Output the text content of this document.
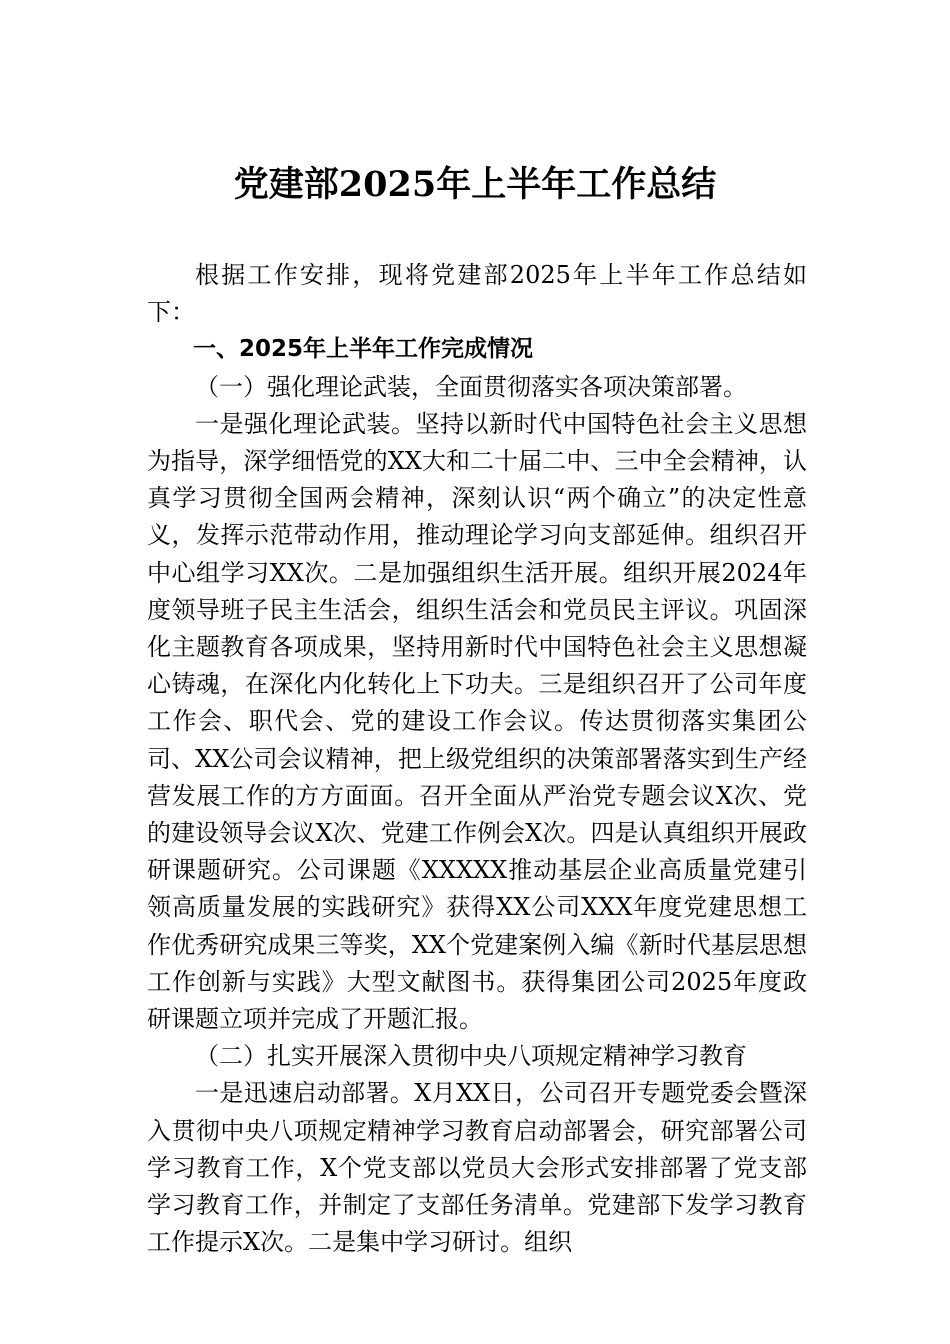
党建部2025年上半年工作总结

根据工作安排，现将党建部2025年上半年工作总结如下：

一、2025年上半年工作完成情况

（一）强化理论武装，全面贯彻落实各项决策部署。

一是强化理论武装。坚持以新时代中国特色社会主义思想为指导，深学细悟党的XX大和二十届二中、三中全会精神，认真学习贯彻全国两会精神，深刻认识“两个确立”的决定性意义，发挥示范带动作用，推动理论学习向支部延伸。组织召开中心组学习XX次。二是加强组织生活开展。组织开展2024年度领导班子民主生活会，组织生活会和党员民主评议。巩固深化主题教育各项成果，坚持用新时代中国特色社会主义思想凝心铸魂，在深化内化转化上下功夫。三是组织召开了公司年度工作会、职代会、党的建设工作会议。传达贯彻落实集团公司、XX公司会议精神，把上级党组织的决策部署落实到生产经营发展工作的方方面面。召开全面从严治党专题会议X次、党的建设领导会议X次、党建工作例会X次。四是认真组织开展政研课题研究。公司课题《XXXXX推动基层企业高质量党建引领高质量发展的实践研究》获得XX公司XXX年度党建思想工作优秀研究成果三等奖，XX个党建案例入编《新时代基层思想工作创新与实践》大型文献图书。获得集团公司2025年度政研课题立项并完成了开题汇报。

（二）扎实开展深入贯彻中央八项规定精神学习教育

一是迅速启动部署。X月XX日，公司召开专题党委会暨深入贯彻中央八项规定精神学习教育启动部署会，研究部署公司学习教育工作，X个党支部以党员大会形式安排部署了党支部学习教育工作，并制定了支部任务清单。党建部下发学习教育工作提示X次。二是集中学习研讨。组织
